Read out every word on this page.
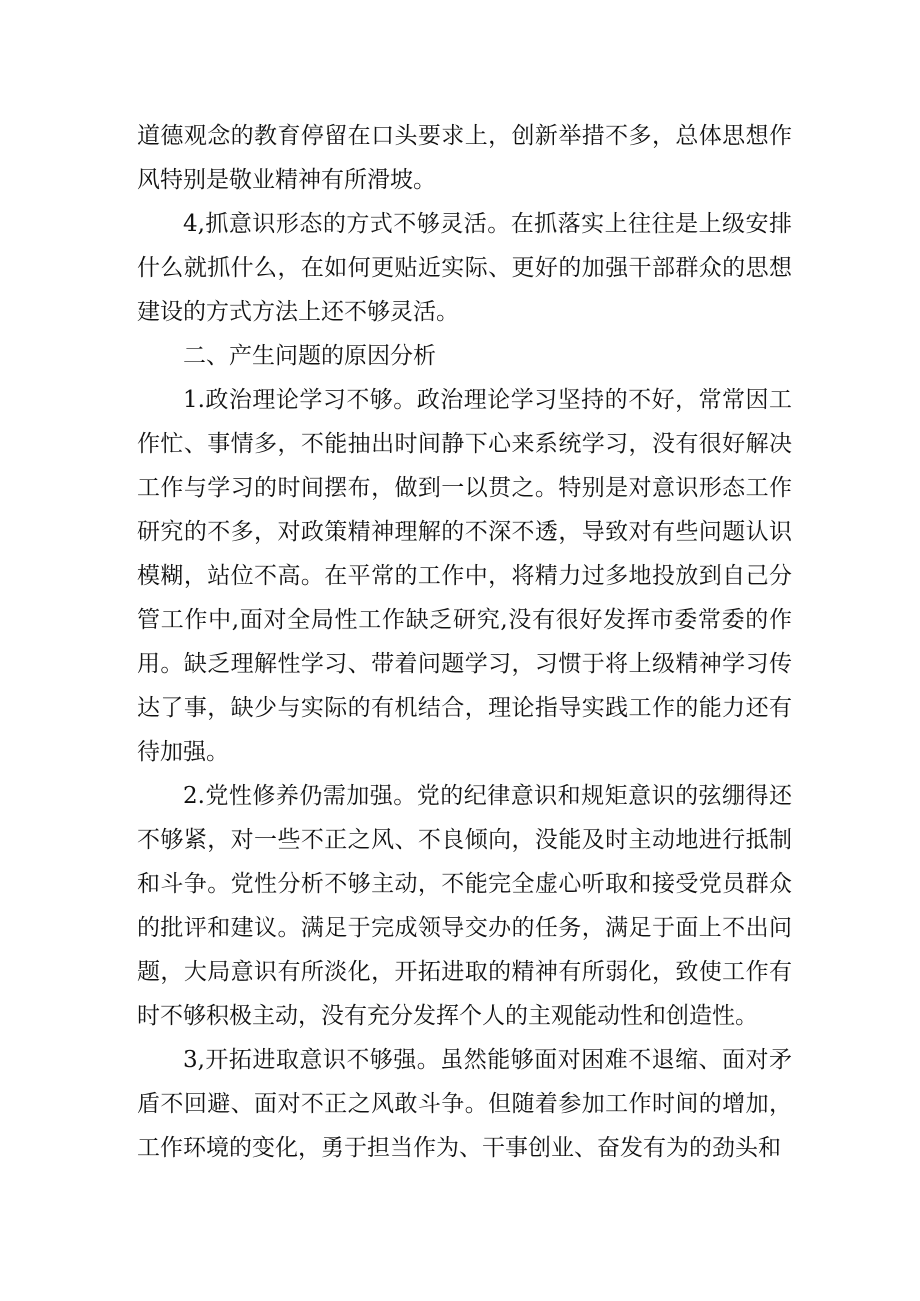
道德观念的教育停留在口头要求上，创新举措不多，总体思想作风特别是敬业精神有所滑坡。

4,抓意识形态的方式不够灵活。在抓落实上往往是上级安排什么就抓什么，在如何更贴近实际、更好的加强干部群众的思想建设的方式方法上还不够灵活。

二、产生问题的原因分析

1.政治理论学习不够。政治理论学习坚持的不好，常常因工作忙、事情多，不能抽出时间静下心来系统学习，没有很好解决工作与学习的时间摆布，做到一以贯之。特别是对意识形态工作研究的不多，对政策精神理解的不深不透，导致对有些问题认识模糊，站位不高。在平常的工作中，将精力过多地投放到自己分管工作中,面对全局性工作缺乏研究,没有很好发挥市委常委的作用。缺乏理解性学习、带着问题学习，习惯于将上级精神学习传达了事，缺少与实际的有机结合，理论指导实践工作的能力还有待加强。

2.党性修养仍需加强。党的纪律意识和规矩意识的弦绷得还不够紧，对一些不正之风、不良倾向，没能及时主动地进行抵制和斗争。党性分析不够主动，不能完全虚心听取和接受党员群众的批评和建议。满足于完成领导交办的任务，满足于面上不出问题，大局意识有所淡化，开拓进取的精神有所弱化，致使工作有时不够积极主动，没有充分发挥个人的主观能动性和创造性。

3,开拓进取意识不够强。虽然能够面对困难不退缩、面对矛盾不回避、面对不正之风敢斗争。但随着参加工作时间的增加，工作环境的变化，勇于担当作为、干事创业、奋发有为的劲头和
